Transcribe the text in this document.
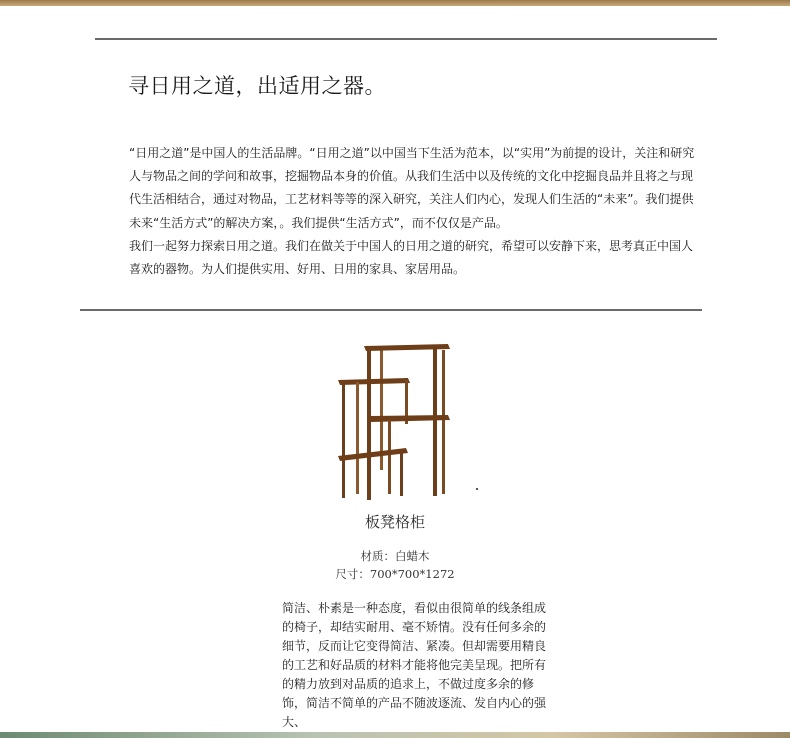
寻日用之道，出适用之器。

“日用之道”是中国人的生活品牌。“日用之道”以中国当下生活为范本，以“实用”为前提的设计，关注和研究人与物品之间的学问和故事，挖掘物品本身的价值。从我们生活中以及传统的文化中挖掘良品并且将之与现代生活相结合，通过对物品，工艺材料等等的深入研究，关注人们内心，发现人们生活的“未来”。我们提供未来“生活方式”的解决方案，。我们提供“生活方式”，而不仅仅是产品。

我们一起努力探索日用之道。我们在做关于中国人的日用之道的研究，希望可以安静下来，思考真正中国人喜欢的器物。为人们提供实用、好用、日用的家具、家居用品。

板凳格柜
材质：白蜡木
尺寸：700*700*1272

简洁、朴素是一种态度，看似由很简单的线条组成的椅子，却结实耐用、毫不矫情。没有任何多余的细节，反而让它变得简洁、紧凑。但却需要用精良的工艺和好品质的材料才能将他完美呈现。把所有的精力放到对品质的追求上，不做过度多余的修饰，简洁不简单的产品不随波逐流、发自内心的强大、
